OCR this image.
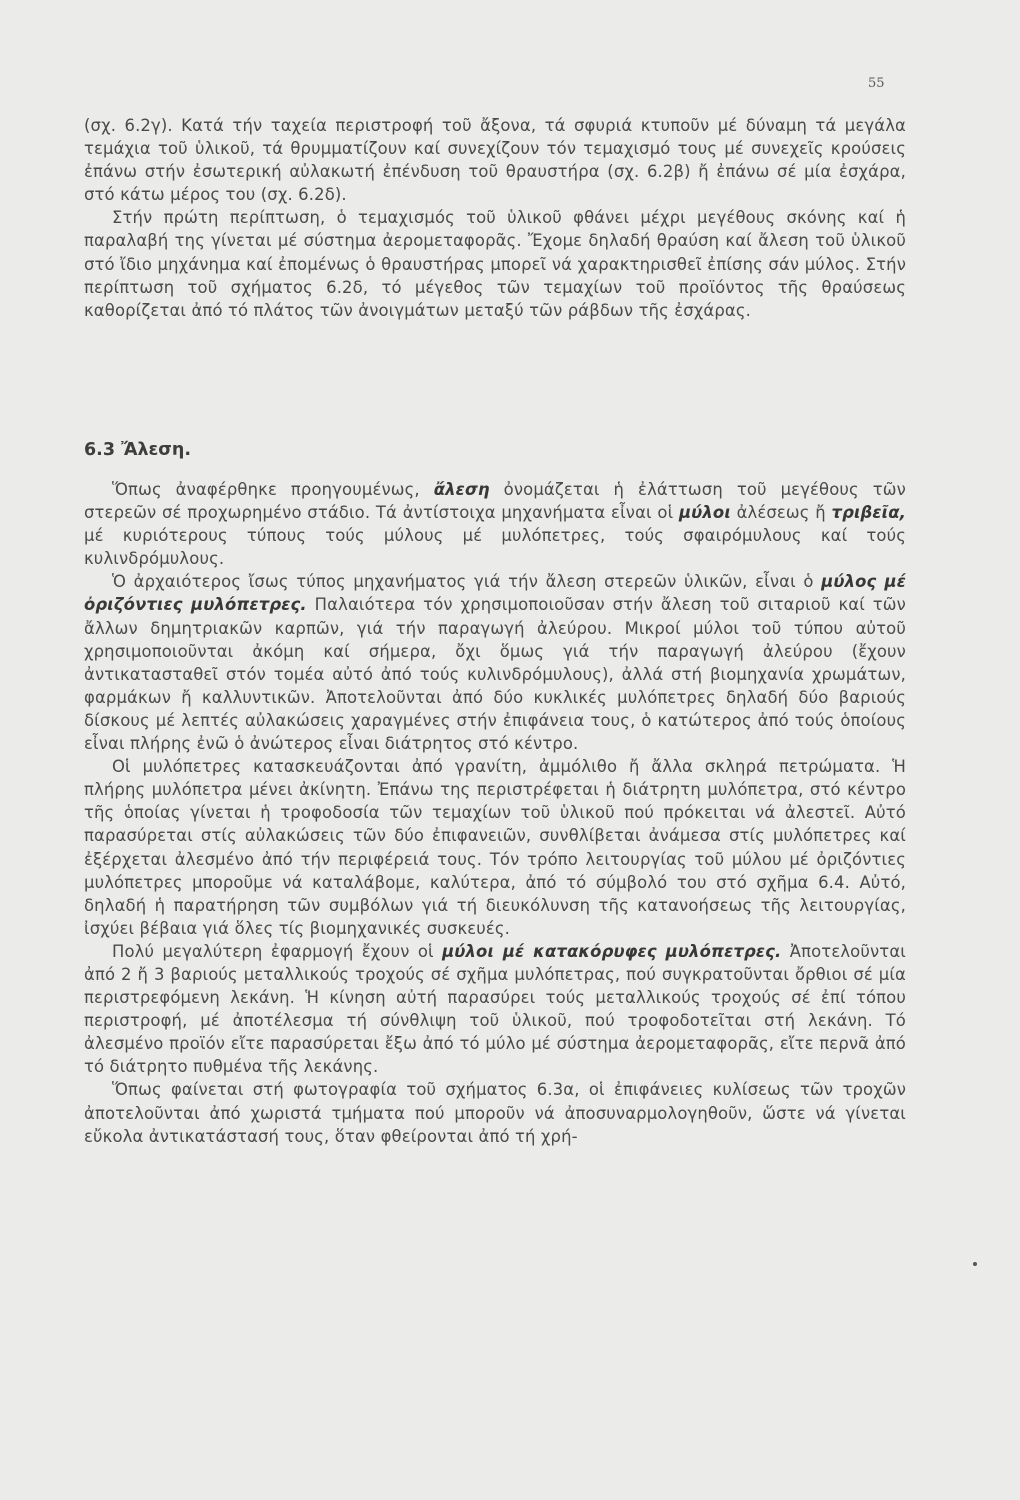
55

(σχ. 6.2γ). Κατά τήν ταχεία περιστροφή τοῦ ἄξονα, τά σφυριά κτυποῦν μέ δύναμη τά μεγάλα τεμάχια τοῦ ὑλικοῦ, τά θρυμματίζουν καί συνεχίζουν τόν τεμαχισμό τους μέ συνεχεῖς κρούσεις ἐπάνω στήν ἐσωτερική αὐλακωτή ἐπένδυση τοῦ θραυστήρα (σχ. 6.2β) ἤ ἐπάνω σέ μία ἐσχάρα, στό κάτω μέρος του (σχ. 6.2δ).

Στήν πρώτη περίπτωση, ὁ τεμαχισμός τοῦ ὑλικοῦ φθάνει μέχρι μεγέθους σκόνης καί ἡ παραλαβή της γίνεται μέ σύστημα ἀερομεταφορᾶς. Ἔχομε δηλαδή θραύση καί ἄλεση τοῦ ὑλικοῦ στό ἴδιο μηχάνημα καί ἐπομένως ὁ θραυστήρας μπορεῖ νά χαρακτηρισθεῖ ἐπίσης σάν μύλος. Στήν περίπτωση τοῦ σχήματος 6.2δ, τό μέγεθος τῶν τεμαχίων τοῦ προϊόντος τῆς θραύσεως καθορίζεται ἀπό τό πλάτος τῶν ἀνοιγμάτων μεταξύ τῶν ράβδων τῆς ἐσχάρας.

6.3 Ἄλεση.

Ὅπως ἀναφέρθηκε προηγουμένως, ἄλεση ὀνομάζεται ἡ ἐλάττωση τοῦ μεγέθους τῶν στερεῶν σέ προχωρημένο στάδιο. Τά ἀντίστοιχα μηχανήματα εἶναι οἱ μύλοι ἀλέσεως ἤ τριβεῖα, μέ κυριότερους τύπους τούς μύλους μέ μυλόπετρες, τούς σφαιρόμυλους καί τούς κυλινδρόμυλους.

Ὁ ἀρχαιότερος ἴσως τύπος μηχανήματος γιά τήν ἄλεση στερεῶν ὑλικῶν, εἶναι ὁ μύλος μέ ὀριζόντιες μυλόπετρες. Παλαιότερα τόν χρησιμοποιοῦσαν στήν ἄλεση τοῦ σιταριοῦ καί τῶν ἄλλων δημητριακῶν καρπῶν, γιά τήν παραγωγή ἀλεύρου. Μικροί μύλοι τοῦ τύπου αὐτοῦ χρησιμοποιοῦνται ἀκόμη καί σήμερα, ὄχι ὅμως γιά τήν παραγωγή ἀλεύρου (ἔχουν ἀντικατασταθεῖ στόν τομέα αὐτό ἀπό τούς κυλινδρόμυλους), ἀλλά στή βιομηχανία χρωμάτων, φαρμάκων ἤ καλλυντικῶν. Ἀποτελοῦνται ἀπό δύο κυκλικές μυλόπετρες δηλαδή δύο βαριούς δίσκους μέ λεπτές αὐλακώσεις χαραγμένες στήν ἐπιφάνεια τους, ὁ κατώτερος ἀπό τούς ὁποίους εἶναι πλήρης ἐνῶ ὁ ἀνώτερος εἶναι διάτρητος στό κέντρο.

Οἱ μυλόπετρες κατασκευάζονται ἀπό γρανίτη, ἀμμόλιθο ἤ ἄλλα σκληρά πετρώματα. Ἡ πλήρης μυλόπετρα μένει ἀκίνητη. Ἐπάνω της περιστρέφεται ἡ διάτρητη μυλόπετρα, στό κέντρο τῆς ὁποίας γίνεται ἡ τροφοδοσία τῶν τεμαχίων τοῦ ὑλικοῦ πού πρόκειται νά ἀλεστεῖ. Αὐτό παρασύρεται στίς αὐλακώσεις τῶν δύο ἐπιφανειῶν, συνθλίβεται ἀνάμεσα στίς μυλόπετρες καί ἐξέρχεται ἀλεσμένο ἀπό τήν περιφέρειά τους. Τόν τρόπο λειτουργίας τοῦ μύλου μέ ὀριζόντιες μυλόπετρες μποροῦμε νά καταλάβομε, καλύτερα, ἀπό τό σύμβολό του στό σχῆμα 6.4. Αὐτό, δηλαδή ἡ παρατήρηση τῶν συμβόλων γιά τή διευκόλυνση τῆς κατανοήσεως τῆς λειτουργίας, ἰσχύει βέβαια γιά ὅλες τίς βιομηχανικές συσκευές.

Πολύ μεγαλύτερη ἐφαρμογή ἔχουν οἱ μύλοι μέ κατακόρυφες μυλόπετρες. Ἀποτελοῦνται ἀπό 2 ἤ 3 βαριούς μεταλλικούς τροχούς σέ σχῆμα μυλόπετρας, πού συγκρατοῦνται ὄρθιοι σέ μία περιστρεφόμενη λεκάνη. Ἡ κίνηση αὐτή παρασύρει τούς μεταλλικούς τροχούς σέ ἐπί τόπου περιστροφή, μέ ἀποτέλεσμα τή σύνθλιψη τοῦ ὑλικοῦ, πού τροφοδοτεῖται στή λεκάνη. Τό ἀλεσμένο προϊόν εἴτε παρασύρεται ἔξω ἀπό τό μύλο μέ σύστημα ἀερομεταφορᾶς, εἴτε περνᾶ ἀπό τό διάτρητο πυθμένα τῆς λεκάνης.

Ὅπως φαίνεται στή φωτογραφία τοῦ σχήματος 6.3α, οἱ ἐπιφάνειες κυλίσεως τῶν τροχῶν ἀποτελοῦνται ἀπό χωριστά τμήματα πού μποροῦν νά ἀποσυναρμολογηθοῦν, ὥστε νά γίνεται εὔκολα ἀντικατάστασή τους, ὅταν φθείρονται ἀπό τή χρή-
